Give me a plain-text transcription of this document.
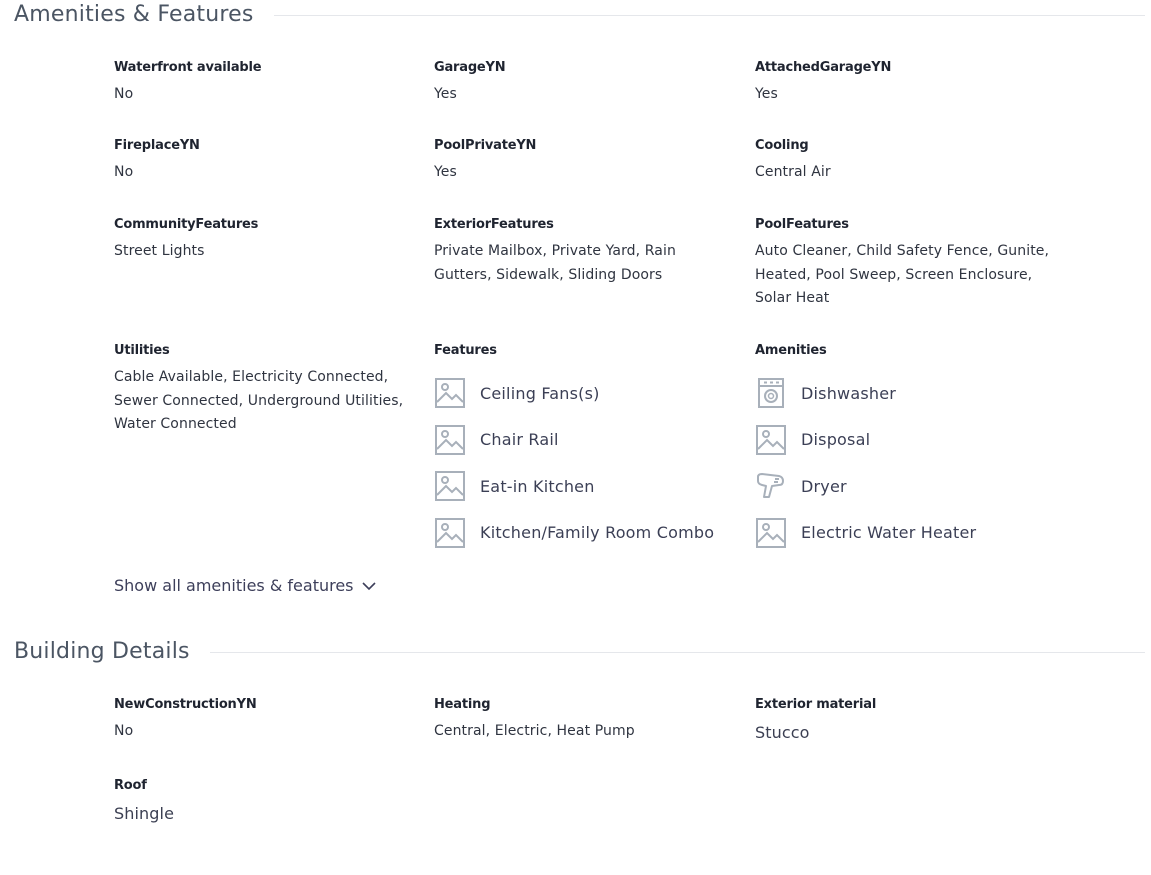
Amenities & Features
Waterfront available
No
GarageYN
Yes
AttachedGarageYN
Yes
FireplaceYN
No
PoolPrivateYN
Yes
Cooling
Central Air
CommunityFeatures
Street Lights
ExteriorFeatures
Private Mailbox, Private Yard, Rain Gutters, Sidewalk, Sliding Doors
PoolFeatures
Auto Cleaner, Child Safety Fence, Gunite, Heated, Pool Sweep, Screen Enclosure, Solar Heat
Utilities
Cable Available, Electricity Connected, Sewer Connected, Underground Utilities, Water Connected
Features
Ceiling Fans(s)
Chair Rail
Eat-in Kitchen
Kitchen/Family Room Combo
Amenities
Dishwasher
Disposal
Dryer
Electric Water Heater
Show all amenities & features
Building Details
NewConstructionYN
No
Heating
Central, Electric, Heat Pump
Exterior material
Stucco
Roof
Shingle
